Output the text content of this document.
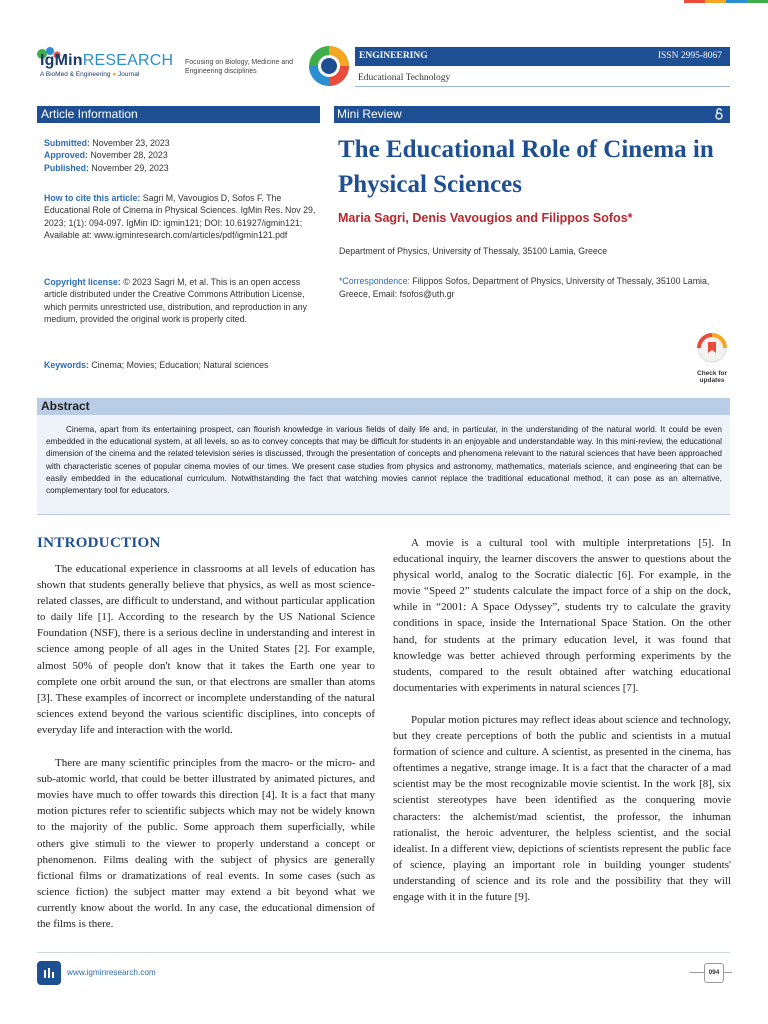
IgMinRESEARCH
A BioMed & Engineering ● Journal
Focusing on Biology, Medicine and Engineering disciplines
ENGINEERING	ISSN 2995-8067
Educational Technology
Article Information	Mini Review
Submitted: November 23, 2023
Approved: November 28, 2023
Published: November 29, 2023
How to cite this article: Sagri M, Vavougios D, Sofos F. The Educational Role of Cinema in Physical Sciences. IgMin Res. Nov 29, 2023; 1(1): 094-097. IgMin ID: igmin121; DOI: 10.61927/igmin121; Available at: www.igminresearch.com/articles/pdf/igmin121.pdf
Copyright license: © 2023 Sagri M, et al. This is an open access article distributed under the Creative Commons Attribution License, which permits unrestricted use, distribution, and reproduction in any medium, provided the original work is properly cited.
Keywords: Cinema; Movies; Education; Natural sciences
The Educational Role of Cinema in Physical Sciences
Maria Sagri, Denis Vavougios and Filippos Sofos*
Department of Physics, University of Thessaly, 35100 Lamia, Greece
*Correspondence: Filippos Sofos, Department of Physics, University of Thessaly, 35100 Lamia, Greece, Email: fsofos@uth.gr
Check for updates
Abstract
Cinema, apart from its entertaining prospect, can flourish knowledge in various fields of daily life and, in particular, in the understanding of the natural world. It could be even embedded in the educational system, at all levels, so as to convey concepts that may be difficult for students in an enjoyable and understandable way. In this mini-review, the educational dimension of the cinema and the related television series is discussed, through the presentation of concepts and phenomena relevant to the natural sciences that have been approached with characteristic scenes of popular cinema movies of our times. We present case studies from physics and astronomy, mathematics, materials science, and engineering that can be easily embedded in the educational curriculum. Notwithstanding the fact that watching movies cannot replace the traditional educational method, it can pose as an alternative, complementary tool for educators.
INTRODUCTION

The educational experience in classrooms at all levels of education has shown that students generally believe that physics, as well as most science-related classes, are difficult to understand, and without particular application to daily life [1]. According to the research by the US National Science Foundation (NSF), there is a serious decline in understanding and interest in science among people of all ages in the United States [2]. For example, almost 50% of people don't know that it takes the Earth one year to complete one orbit around the sun, or that electrons are smaller than atoms [3]. These examples of incorrect or incomplete understanding of the natural sciences extend beyond the various scientific disciplines, into concepts of everyday life and interaction with the world.

There are many scientific principles from the macro- or the micro- and sub-atomic world, that could be better illustrated by animated pictures, and movies have much to offer towards this direction [4]. It is a fact that many motion pictures refer to scientific subjects which may not be widely known to the majority of the public. Some approach them superficially, while others give stimuli to the viewer to properly understand a concept or phenomenon. Films dealing with the subject of physics are generally fictional films or dramatizations of real events. In some cases (such as science fiction) the subject matter may extend a bit beyond what we currently know about the world. In any case, the educational dimension of the films is there.

A movie is a cultural tool with multiple interpretations [5]. In educational inquiry, the learner discovers the answer to questions about the physical world, analog to the Socratic dialectic [6]. For example, in the movie “Speed 2” students calculate the impact force of a ship on the dock, while in “2001: A Space Odyssey”, students try to calculate the gravity conditions in space, inside the International Space Station. On the other hand, for students at the primary education level, it was found that knowledge was better achieved through performing experiments by the students, compared to the result obtained after watching educational documentaries with experiments in natural sciences [7].

Popular motion pictures may reflect ideas about science and technology, but they create perceptions of both the public and scientists in a mutual formation of science and culture. A scientist, as presented in the cinema, has oftentimes a negative, strange image. It is a fact that the character of a mad scientist may be the most recognizable movie scientist. In the work [8], six scientist stereotypes have been identified as the conquering movie characters: the alchemist/mad scientist, the professor, the inhuman rationalist, the heroic adventurer, the helpless scientist, and the social idealist. In a different view, depictions of scientists represent the public face of science, playing an important role in building younger students' understanding of science and its role and the possibility that they will engage with it in the future [9].

www.igminresearch.com	094
